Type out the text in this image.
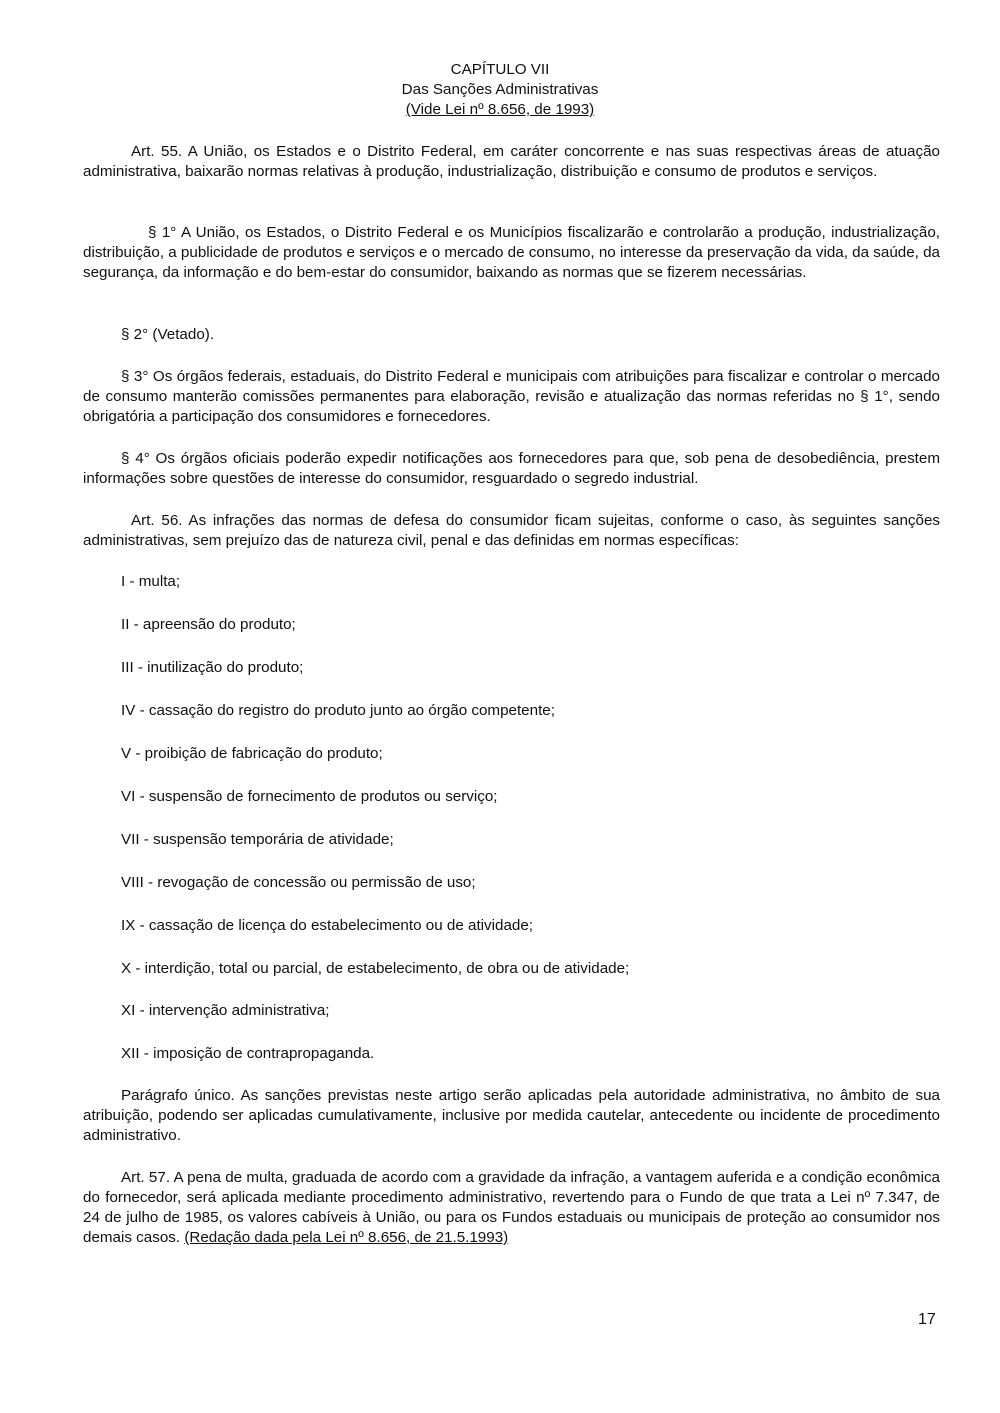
CAPÍTULO VII
Das Sanções Administrativas
(Vide Lei nº 8.656, de 1993)

Art. 55. A União, os Estados e o Distrito Federal, em caráter concorrente e nas suas respectivas áreas de atuação administrativa, baixarão normas relativas à produção, industrialização, distribuição e consumo de produtos e serviços.

§ 1° A União, os Estados, o Distrito Federal e os Municípios fiscalizarão e controlarão a produção, industrialização, distribuição, a publicidade de produtos e serviços e o mercado de consumo, no interesse da preservação da vida, da saúde, da segurança, da informação e do bem-estar do consumidor, baixando as normas que se fizerem necessárias.

§ 2° (Vetado).

§ 3° Os órgãos federais, estaduais, do Distrito Federal e municipais com atribuições para fiscalizar e controlar o mercado de consumo manterão comissões permanentes para elaboração, revisão e atualização das normas referidas no § 1°, sendo obrigatória a participação dos consumidores e fornecedores.

§ 4° Os órgãos oficiais poderão expedir notificações aos fornecedores para que, sob pena de desobediência, prestem informações sobre questões de interesse do consumidor, resguardado o segredo industrial.

Art. 56. As infrações das normas de defesa do consumidor ficam sujeitas, conforme o caso, às seguintes sanções administrativas, sem prejuízo das de natureza civil, penal e das definidas em normas específicas:

I - multa;

II - apreensão do produto;

III - inutilização do produto;

IV - cassação do registro do produto junto ao órgão competente;

V - proibição de fabricação do produto;

VI - suspensão de fornecimento de produtos ou serviço;

VII - suspensão temporária de atividade;

VIII - revogação de concessão ou permissão de uso;

IX - cassação de licença do estabelecimento ou de atividade;

X - interdição, total ou parcial, de estabelecimento, de obra ou de atividade;

XI - intervenção administrativa;

XII - imposição de contrapropaganda.

Parágrafo único. As sanções previstas neste artigo serão aplicadas pela autoridade administrativa, no âmbito de sua atribuição, podendo ser aplicadas cumulativamente, inclusive por medida cautelar, antecedente ou incidente de procedimento administrativo.

Art. 57. A pena de multa, graduada de acordo com a gravidade da infração, a vantagem auferida e a condição econômica do fornecedor, será aplicada mediante procedimento administrativo, revertendo para o Fundo de que trata a Lei nº 7.347, de 24 de julho de 1985, os valores cabíveis à União, ou para os Fundos estaduais ou municipais de proteção ao consumidor nos demais casos. (Redação dada pela Lei nº 8.656, de 21.5.1993)

17
